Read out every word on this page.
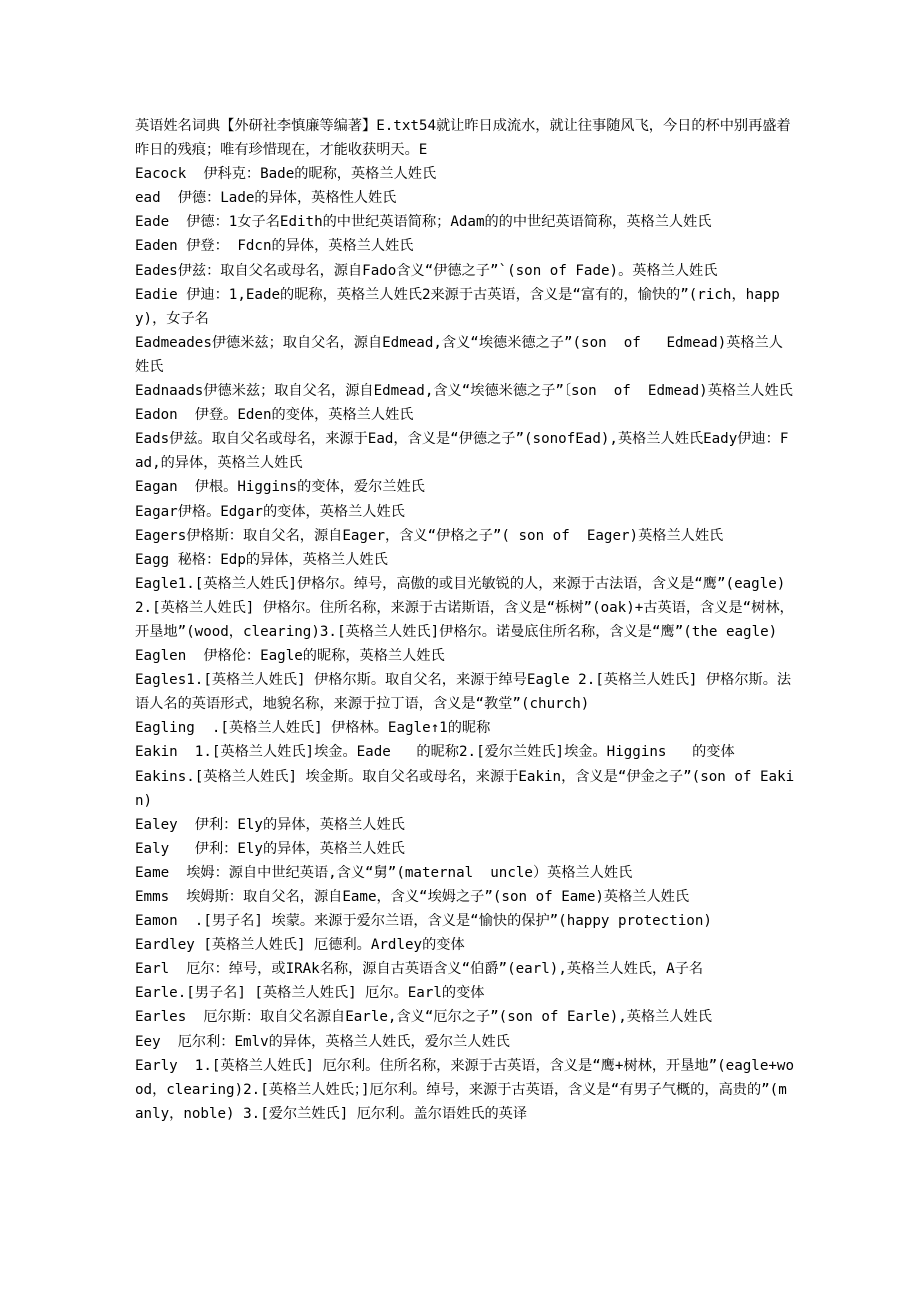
英语姓名词典【外研社李慎廉等编著】E.txt54就让昨日成流水，就让往事随风飞，今日的杯中别再盛着昨日的残痕；唯有珍惜现在，才能收获明天。E

Eacock  伊科克：Bade的昵称，英格兰人姓氏

ead  伊德：Lade的异体，英格性人姓氏

Eade  伊德：1女子名Edith的中世纪英语简称；Adam的的中世纪英语简称，英格兰人姓氏

Eaden 伊登： Fdcn的异体，英格兰人姓氏

Eades伊兹：取自父名或母名，源自Fado含义“伊德之子”`(son of Fade)。英格兰人姓氏

Eadie 伊迪：1,Eade的昵称，英格兰人姓氏2来源于古英语，含义是“富有的，愉快的”(rich，happy)，女子名

Eadmeades伊德米兹；取自父名，源自Edmead,含义“埃德米德之子”(son  of   Edmead)英格兰人姓氏

Eadnaads伊德米兹；取自父名，源自Edmead,含义“埃德米德之子”〔son  of  Edmead)英格兰人姓氏

Eadon  伊登。Eden的变体，英格兰人姓氏

Eads伊兹。取自父名或母名，来源于Ead，含义是“伊德之子”(sonofEad),英格兰人姓氏Eady伊迪：Fad,的异体，英格兰人姓氏

Eagan  伊根。Higgins的变体，爱尔兰姓氏

Eagar伊格。Edgar的变体，英格兰人姓氏

Eagers伊格斯：取自父名，源自Eager，含义“伊格之子”( son of  Eager)英格兰人姓氏

Eagg 秘格：Edp的异体，英格兰人姓氏

Eagle1.[英格兰人姓氏]伊格尔。绰号，高傲的或目光敏锐的人，来源于古法语，含义是“鹰”(eagle) 2.[英格兰人姓氏] 伊格尔。住所名称，来源于古诺斯语，含义是“栎树”(oak)+古英语，含义是“树林，开垦地”(wood，clearing)3.[英格兰人姓氏]伊格尔。诺曼底住所名称，含义是“鹰”(the eagle)

Eaglen  伊格伦：Eagle的昵称，英格兰人姓氏

Eagles1.[英格兰人姓氏] 伊格尔斯。取自父名，来源于绰号Eagle 2.[英格兰人姓氏] 伊格尔斯。法语人名的英语形式，地貌名称，来源于拉丁语，含义是“教堂”(church)

Eagling  .[英格兰人姓氏] 伊格林。Eagle↑1的昵称

Eakin  1.[英格兰人姓氏]埃金。Eade   的昵称2.[爱尔兰姓氏]埃金。Higgins   的变体

Eakins.[英格兰人姓氏] 埃金斯。取自父名或母名，来源于Eakin，含义是“伊金之子”(son of Eakin)

Ealey  伊利：Ely的异体，英格兰人姓氏

Ealy   伊利：Ely的异体，英格兰人姓氏

Eame  埃姆：源自中世纪英语,含义“舅”(maternal  uncle）英格兰人姓氏

Emms  埃姆斯：取自父名，源自Eame，含义“埃姆之子”(son of Eame)英格兰人姓氏

Eamon  .[男子名] 埃蒙。来源于爱尔兰语，含义是“愉快的保护”(happy protection)

Eardley [英格兰人姓氏] 厄德利。Ardley的变体

Earl  厄尔：绰号，或IRAk名称，源自古英语含义“伯爵”(earl),英格兰人姓氏，A子名

Earle.[男子名] [英格兰人姓氏] 厄尔。Earl的变体

Earles  厄尔斯：取自父名源自Earle,含义“厄尔之子”(son of Earle),英格兰人姓氏

Eey  厄尔利：Emlv的异体，英格兰人姓氏，爱尔兰人姓氏

Early  1.[英格兰人姓氏] 厄尔利。住所名称，来源于古英语，含义是“鹰+树林，开垦地”(eagle+wood，clearing)2.[英格兰人姓氏；]厄尔利。绰号，来源于古英语，含义是“有男子气概的，高贵的”(manly，noble) 3.[爱尔兰姓氏] 厄尔利。盖尔语姓氏的英译
